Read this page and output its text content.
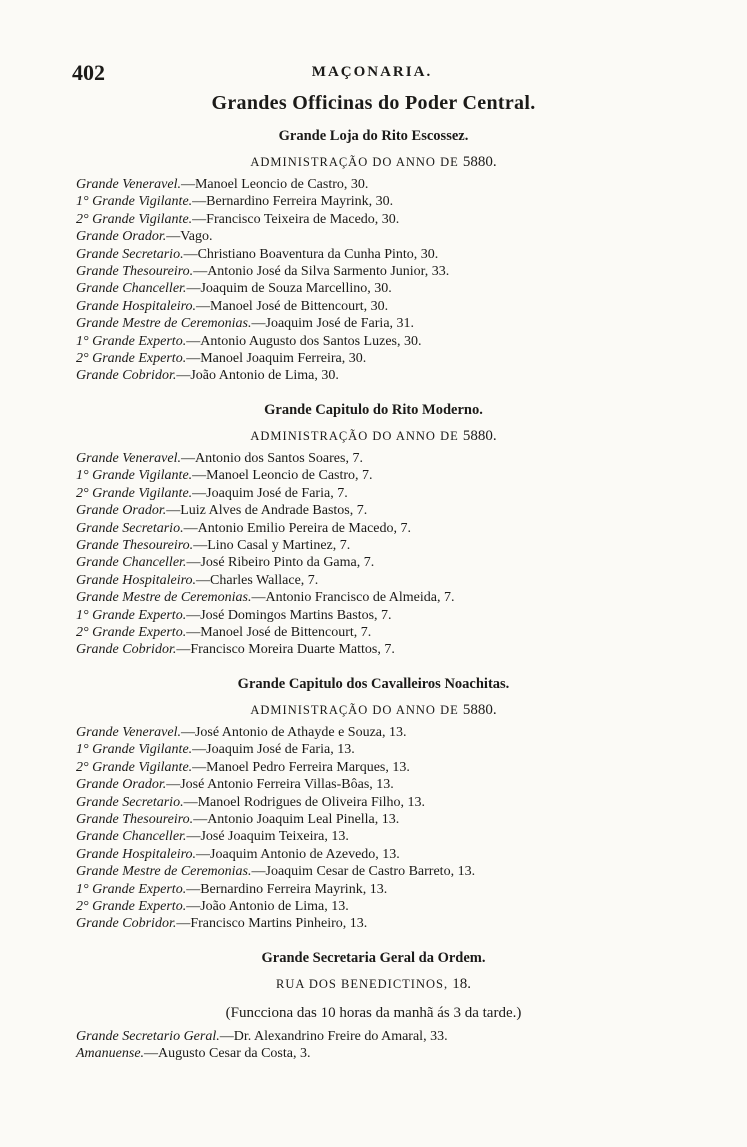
402	MAÇONARIA.
Grandes Officinas do Poder Central.
Grande Loja do Rito Escossez.
ADMINISTRAÇÃO DO ANNO DE 5880.
Grande Veneravel.—Manoel Leoncio de Castro, 30.
1° Grande Vigilante.—Bernardino Ferreira Mayrink, 30.
2° Grande Vigilante.—Francisco Teixeira de Macedo, 30.
Grande Orador.—Vago.
Grande Secretario.—Christiano Boaventura da Cunha Pinto, 30.
Grande Thesoureiro.—Antonio José da Silva Sarmento Junior, 33.
Grande Chanceller.—Joaquim de Souza Marcellino, 30.
Grande Hospitaleiro.—Manoel José de Bittencourt, 30.
Grande Mestre de Ceremonias.—Joaquim José de Faria, 31.
1° Grande Experto.—Antonio Augusto dos Santos Luzes, 30.
2° Grande Experto.—Manoel Joaquim Ferreira, 30.
Grande Cobridor.—João Antonio de Lima, 30.
Grande Capitulo do Rito Moderno.
ADMINISTRAÇÃO DO ANNO DE 5880.
Grande Veneravel.—Antonio dos Santos Soares, 7.
1° Grande Vigilante.—Manoel Leoncio de Castro, 7.
2° Grande Vigilante.—Joaquim José de Faria, 7.
Grande Orador.—Luiz Alves de Andrade Bastos, 7.
Grande Secretario.—Antonio Emilio Pereira de Macedo, 7.
Grande Thesoureiro.—Lino Casal y Martinez, 7.
Grande Chanceller.—José Ribeiro Pinto da Gama, 7.
Grande Hospitaleiro.—Charles Wallace, 7.
Grande Mestre de Ceremonias.—Antonio Francisco de Almeida, 7.
1° Grande Experto.—José Domingos Martins Bastos, 7.
2° Grande Experto.—Manoel José de Bittencourt, 7.
Grande Cobridor.—Francisco Moreira Duarte Mattos, 7.
Grande Capitulo dos Cavalleiros Noachitas.
ADMINISTRAÇÃO DO ANNO DE 5880.
Grande Veneravel.—José Antonio de Athayde e Souza, 13.
1° Grande Vigilante.—Joaquim José de Faria, 13.
2° Grande Vigilante.—Manoel Pedro Ferreira Marques, 13.
Grande Orador.—José Antonio Ferreira Villas-Bôas, 13.
Grande Secretario.—Manoel Rodrigues de Oliveira Filho, 13.
Grande Thesoureiro.—Antonio Joaquim Leal Pinella, 13.
Grande Chanceller.—José Joaquim Teixeira, 13.
Grande Hospitaleiro.—Joaquim Antonio de Azevedo, 13.
Grande Mestre de Ceremonias.—Joaquim Cesar de Castro Barreto, 13.
1° Grande Experto.—Bernardino Ferreira Mayrink, 13.
2° Grande Experto.—João Antonio de Lima, 13.
Grande Cobridor.—Francisco Martins Pinheiro, 13.
Grande Secretaria Geral da Ordem.
RUA DOS BENEDICTINOS, 18.
(Funcciona das 10 horas da manhã ás 3 da tarde.)
Grande Secretario Geral.—Dr. Alexandrino Freire do Amaral, 33.
Amanuense.—Augusto Cesar da Costa, 3.
